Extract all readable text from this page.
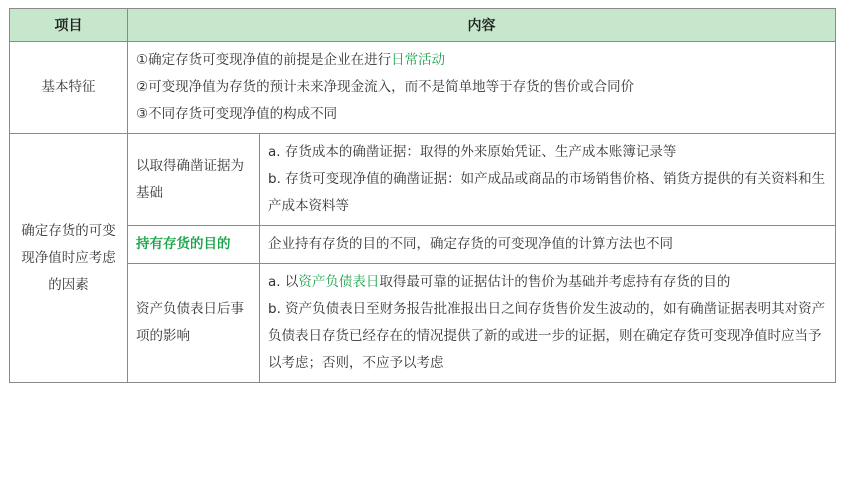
项目	内容	
基本特征	①确定存货可变现净值的前提是企业在进行日常活动
②可变现净值为存货的预计未来净现金流入，而不是简单地等于存货的售价或合同价
③不同存货可变现净值的构成不同	

确定存货的可变现净值时应考虑的因素	以取得确凿证据为基础	a. 存货成本的确凿证据：取得的外来原始凭证、生产成本账簿记录等
b. 存货可变现净值的确凿证据：如产成品或商品的市场销售价格、销货方提供的有关资料和生产成本资料等

	持有存货的目的	企业持有存货的目的不同，确定存货的可变现净值的计算方法也不同
	资产负债表日后事项的影响	a. 以资产负债表日取得最可靠的证据估计的售价为基础并考虑持有存货的目的
b. 资产负债表日至财务报告批准报出日之间存货售价发生波动的，如有确凿证据表明其对资产负债表日存货已经存在的情况提供了新的或进一步的证据，则在确定存货可变现净值时应当予以考虑；否则，不应予以考虑
